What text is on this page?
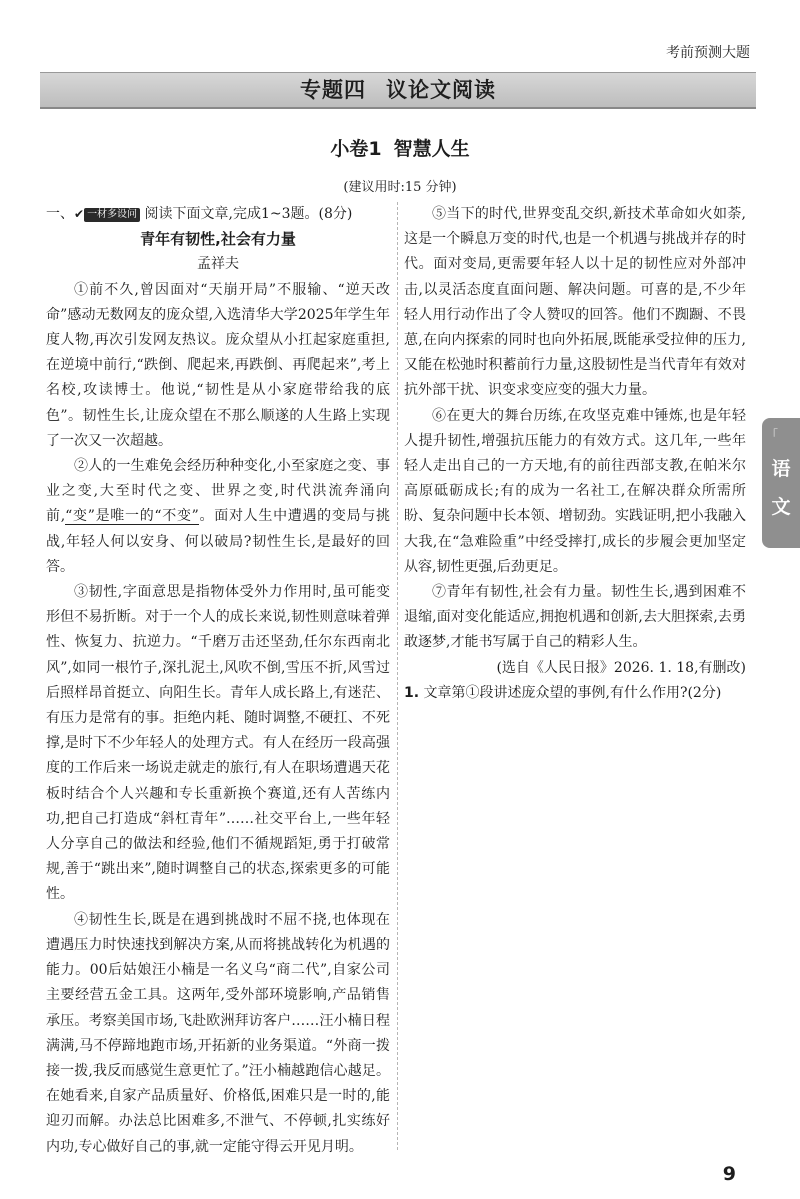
考前预测大题
专题四 议论文阅读
小卷1 智慧人生
(建议用时:15 分钟)

一、✔ 一材多设问 阅读下面文章,完成1~3题。(8分)

青年有韧性,社会有力量

孟祥夫

①前不久,曾因面对“天崩开局”不服输、“逆天改命”感动无数网友的庞众望,入选清华大学2025年学生年度人物,再次引发网友热议。庞众望从小扛起家庭重担,在逆境中前行,“跌倒、爬起来,再跌倒、再爬起来”,考上名校,攻读博士。他说,“韧性是从小家庭带给我的底色”。韧性生长,让庞众望在不那么顺遂的人生路上实现了一次又一次超越。

②人的一生难免会经历种种变化,小至家庭之变、事业之变,大至时代之变、世界之变,时代洪流奔涌向前,“变”是唯一的“不变”。面对人生中遭遇的变局与挑战,年轻人何以安身、何以破局?韧性生长,是最好的回答。

③韧性,字面意思是指物体受外力作用时,虽可能变形但不易折断。对于一个人的成长来说,韧性则意味着弹性、恢复力、抗逆力。“千磨万击还坚劲,任尔东西南北风”,如同一根竹子,深扎泥土,风吹不倒,雪压不折,风雪过后照样昂首挺立、向阳生长。青年人成长路上,有迷茫、有压力是常有的事。拒绝内耗、随时调整,不硬扛、不死撑,是时下不少年轻人的处理方式。有人在经历一段高强度的工作后来一场说走就走的旅行,有人在职场遭遇天花板时结合个人兴趣和专长重新换个赛道,还有人苦练内功,把自己打造成“斜杠青年”……社交平台上,一些年轻人分享自己的做法和经验,他们不循规蹈矩,勇于打破常规,善于“跳出来”,随时调整自己的状态,探索更多的可能性。

④韧性生长,既是在遇到挑战时不屈不挠,也体现在遭遇压力时快速找到解决方案,从而将挑战转化为机遇的能力。00后姑娘汪小楠是一名义乌“商二代”,自家公司主要经营五金工具。这两年,受外部环境影响,产品销售承压。考察美国市场,飞赴欧洲拜访客户……汪小楠日程满满,马不停蹄地跑市场,开拓新的业务渠道。“外商一拨接一拨,我反而感觉生意更忙了。”汪小楠越跑信心越足。在她看来,自家产品质量好、价格低,困难只是一时的,能迎刃而解。办法总比困难多,不泄气、不停顿,扎实练好内功,专心做好自己的事,就一定能守得云开见月明。

⑤当下的时代,世界变乱交织,新技术革命如火如荼,这是一个瞬息万变的时代,也是一个机遇与挑战并存的时代。面对变局,更需要年轻人以十足的韧性应对外部冲击,以灵活态度直面问题、解决问题。可喜的是,不少年轻人用行动作出了令人赞叹的回答。他们不踟蹰、不畏葸,在向内探索的同时也向外拓展,既能承受拉伸的压力,又能在松弛时积蓄前行力量,这股韧性是当代青年有效对抗外部干扰、识变求变应变的强大力量。

⑥在更大的舞台历练,在攻坚克难中锤炼,也是年轻人提升韧性,增强抗压能力的有效方式。这几年,一些年轻人走出自己的一方天地,有的前往西部支教,在帕米尔高原砥砺成长;有的成为一名社工,在解决群众所需所盼、复杂问题中长本领、增韧劲。实践证明,把小我融入大我,在“急难险重”中经受摔打,成长的步履会更加坚定从容,韧性更强,后劲更足。

⑦青年有韧性,社会有力量。韧性生长,遇到困难不退缩,面对变化能适应,拥抱机遇和创新,去大胆探索,去勇敢逐梦,才能书写属于自己的精彩人生。

(选自《人民日报》2026. 1. 18,有删改)

1. 文章第①段讲述庞众望的事例,有什么作用?(2分)

「
语
文
9
